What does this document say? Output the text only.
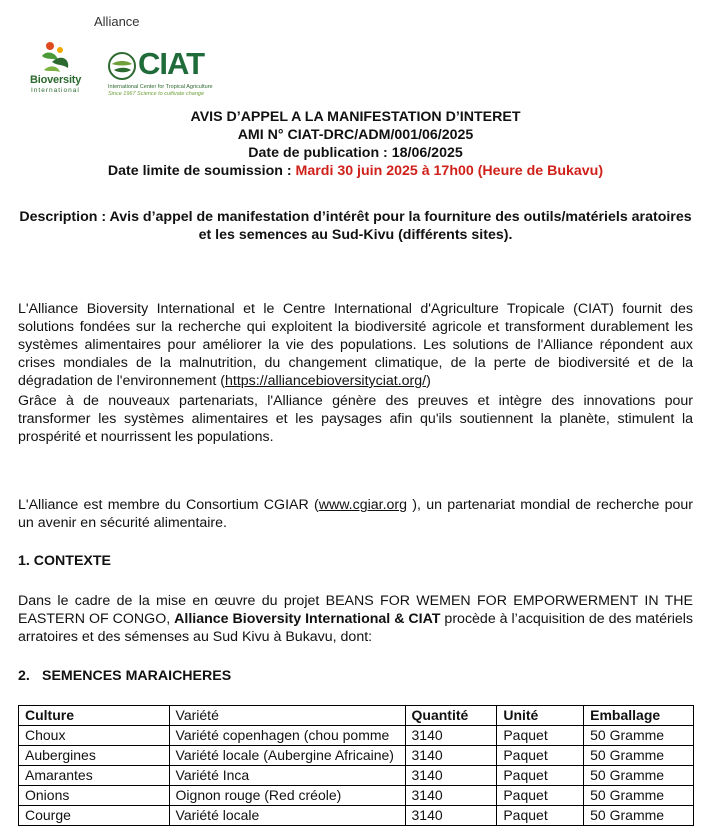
Alliance
Bioversity
International
CIAT
International Center for Tropical Agriculture
Since 1967 Science to cultivate change
AVIS D’APPEL A LA MANIFESTATION D’INTERET
AMI N° CIAT-DRC/ADM/001/06/2025
Date de publication : 18/06/2025
Date limite de soumission : Mardi 30 juin 2025 à 17h00 (Heure de Bukavu)
Description : Avis d’appel de manifestation d’intérêt pour la fourniture des outils/matériels aratoires et les semences au Sud-Kivu (différents sites).
L'Alliance Bioversity International et le Centre International d'Agriculture Tropicale (CIAT) fournit des solutions fondées sur la recherche qui exploitent la biodiversité agricole et transforment durablement les systèmes alimentaires pour améliorer la vie des populations. Les solutions de l'Alliance répondent aux crises mondiales de la malnutrition, du changement climatique, de la perte de biodiversité et de la dégradation de l'environnement (https://alliancebioversityciat.org/)
Grâce à de nouveaux partenariats, l'Alliance génère des preuves et intègre des innovations pour transformer les systèmes alimentaires et les paysages afin qu'ils soutiennent la planète, stimulent la prospérité et nourrissent les populations.
L'Alliance est membre du Consortium CGIAR (www.cgiar.org ), un partenariat mondial de recherche pour un avenir en sécurité alimentaire.
1. CONTEXTE
Dans le cadre de la mise en œuvre du projet BEANS FOR WEMEN FOR EMPORWERMENT IN THE EASTERN OF CONGO, Alliance Bioversity International & CIAT procède à l’acquisition de des matériels arratoires et des sémenses au Sud Kivu à Bukavu, dont:
2. SEMENCES MARAICHERES
Culture	Variété	Quantité	Unité	Emballage
Choux	Variété copenhagen (chou pomme	3140	Paquet	50 Gramme
Aubergines	Variété locale (Aubergine Africaine)	3140	Paquet	50 Gramme
Amarantes	Variété Inca	3140	Paquet	50 Gramme
Onions	Oignon rouge (Red créole)	3140	Paquet	50 Gramme
Courge	Variété locale	3140	Paquet	50 Gramme
